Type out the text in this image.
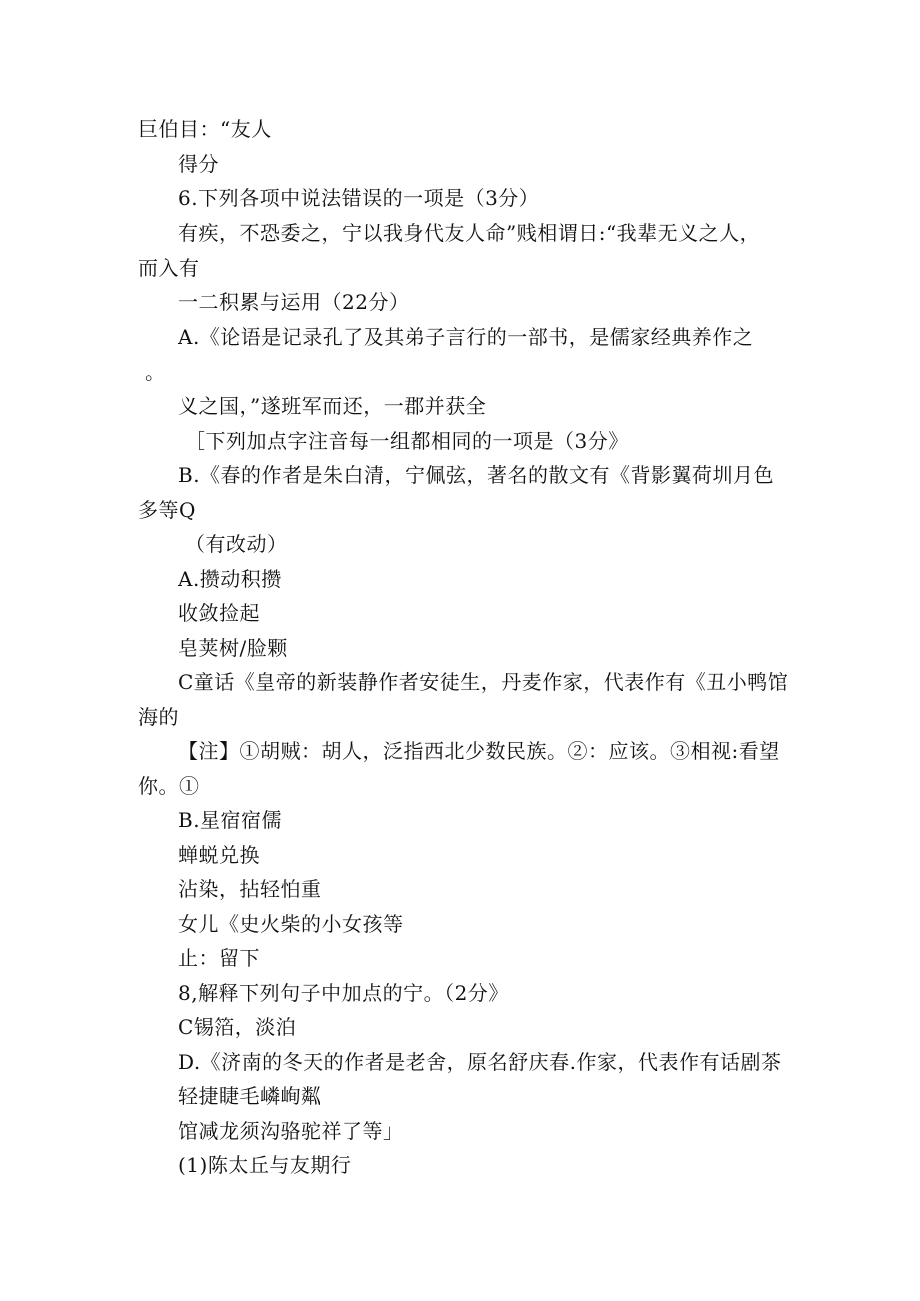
巨伯目：“友人
得分
6.下列各项中说法错误的一项是（3分）
有疾，不恐委之，宁以我身代友人命”贱相谓日:“我辈无义之人，
而入有
一二积累与运用（22分）
A.《论语是记录孔了及其弟子言行的一部书，是儒家经典养作之
。
义之国，”遂班军而还，一郡并获全
［下列加点字注音每一组都相同的一项是（3分》
B.《春的作者是朱白清，宁佩弦，著名的散文有《背影翼荷圳月色
多等Q
（有改动）
A.攒动积攒
收敛捡起
皂荚树/脸颗
C童话《皇帝的新装静作者安徒生，丹麦作家，代表作有《丑小鸭馆
海的
【注】①胡贼：胡人，泛指西北少数民族。②：应该。③相视:看望
你。①
B.星宿宿儒
蝉蜕兑换
沾染，拈轻怕重
女儿《史火柴的小女孩等
止：留下
8,解释下列句子中加点的宁。（2分》
C锡箔，淡泊
D.《济南的冬天的作者是老舍，原名舒庆春.作家，代表作有话剧茶
轻捷睫毛嶙峋粼
馆减龙须沟骆驼祥了等」
(1)陈太丘与友期行
